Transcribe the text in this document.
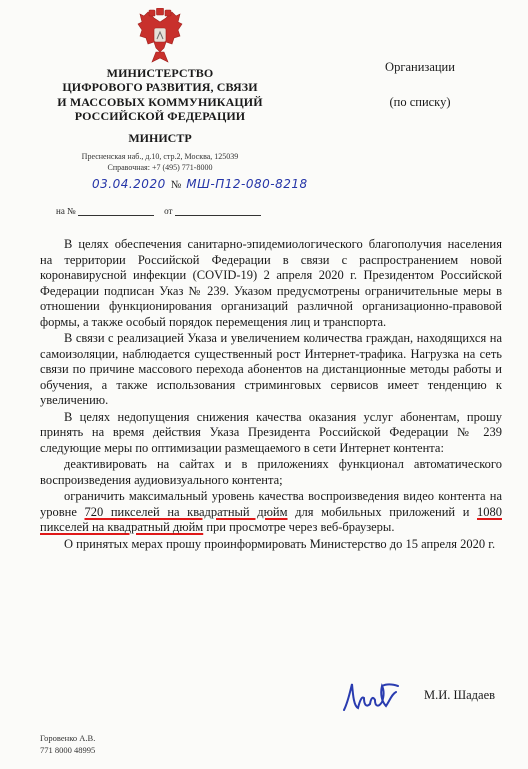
МИНИСТЕРСТВО
ЦИФРОВОГО РАЗВИТИЯ, СВЯЗИ
И МАССОВЫХ КОММУНИКАЦИЙ
РОССИЙСКОЙ ФЕДЕРАЦИИ
МИНИСТР
Пресненская наб., д.10, стр.2, Москва, 125039
Справочная: +7 (495) 771-8000
03.04.2020 № МШ-П12-080-8218
на №	от
Организации
(по списку)

В целях обеспечения санитарно-эпидемиологического благополучия населения на территории Российской Федерации в связи с распространением новой коронавирусной инфекции (COVID-19) 2 апреля 2020 г. Президентом Российской Федерации подписан Указ № 239. Указом предусмотрены ограничительные меры в отношении функционирования организаций различной организационно-правовой формы, а также особый порядок перемещения лиц и транспорта.

В связи с реализацией Указа и увеличением количества граждан, находящихся на самоизоляции, наблюдается существенный рост Интернет-трафика. Нагрузка на сеть связи по причине массового перехода абонентов на дистанционные методы работы и обучения, а также использования стриминговых сервисов имеет тенденцию к увеличению.

В целях недопущения снижения качества оказания услуг абонентам, прошу принять на время действия Указа Президента Российской Федерации № 239 следующие меры по оптимизации размещаемого в сети Интернет контента:

деактивировать на сайтах и в приложениях функционал автоматического воспроизведения аудиовизуального контента;

ограничить максимальный уровень качества воспроизведения видео контента на уровне 720 пикселей на квадратный дюйм для мобильных приложений и 1080 пикселей на квадратный дюйм при просмотре через веб-браузеры.

О принятых мерах прошу проинформировать Министерство до 15 апреля 2020 г.

М.И. Шадаев
Горовенко А.В.
771 8000 48995
